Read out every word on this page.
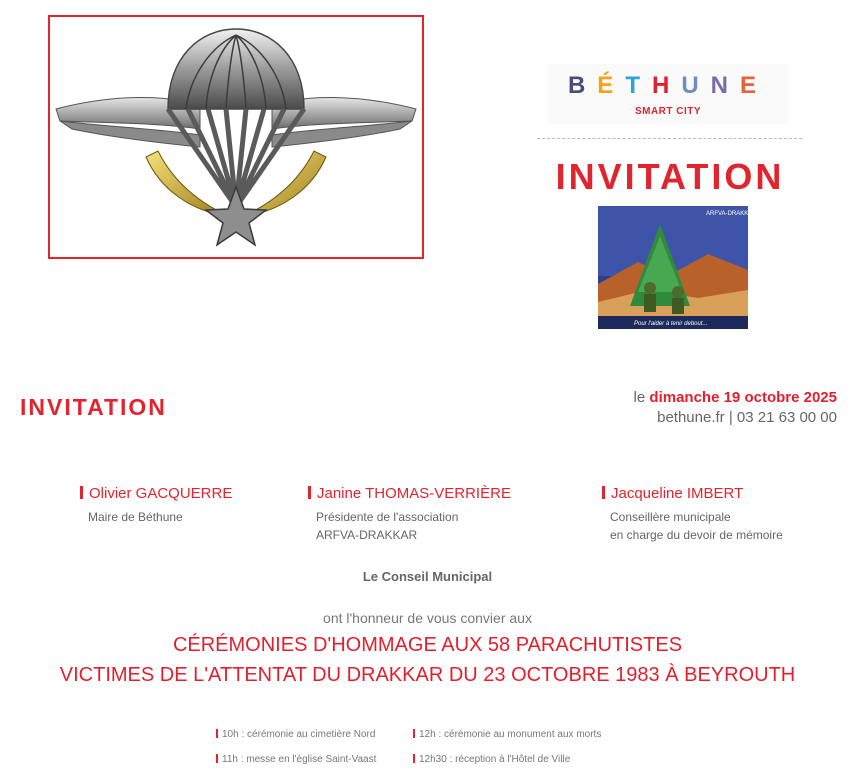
BÉTHUNE
SMART CITY
INVITATION
ARFVA-DRAKKAR
Pour l'aider à tenir debout...
INVITATION	le dimanche 19 octobre 2025
bethune.fr | 03 21 63 00 00
Olivier GACQUERRE
Maire de Béthune
Janine THOMAS-VERRIÈRE
Présidente de l'association
ARFVA-DRAKKAR
Jacqueline IMBERT
Conseillère municipale
en charge du devoir de mémoire
Le Conseil Municipal
ont l'honneur de vous convier aux
CÉRÉMONIES D'HOMMAGE AUX 58 PARACHUTISTES
VICTIMES DE L'ATTENTAT DU DRAKKAR DU 23 OCTOBRE 1983 À BEYROUTH
10h : cérémonie au cimetière Nord	12h : cérémonie au monument aux morts
11h : messe en l'église Saint-Vaast	12h30 : réception à l'Hôtel de Ville
